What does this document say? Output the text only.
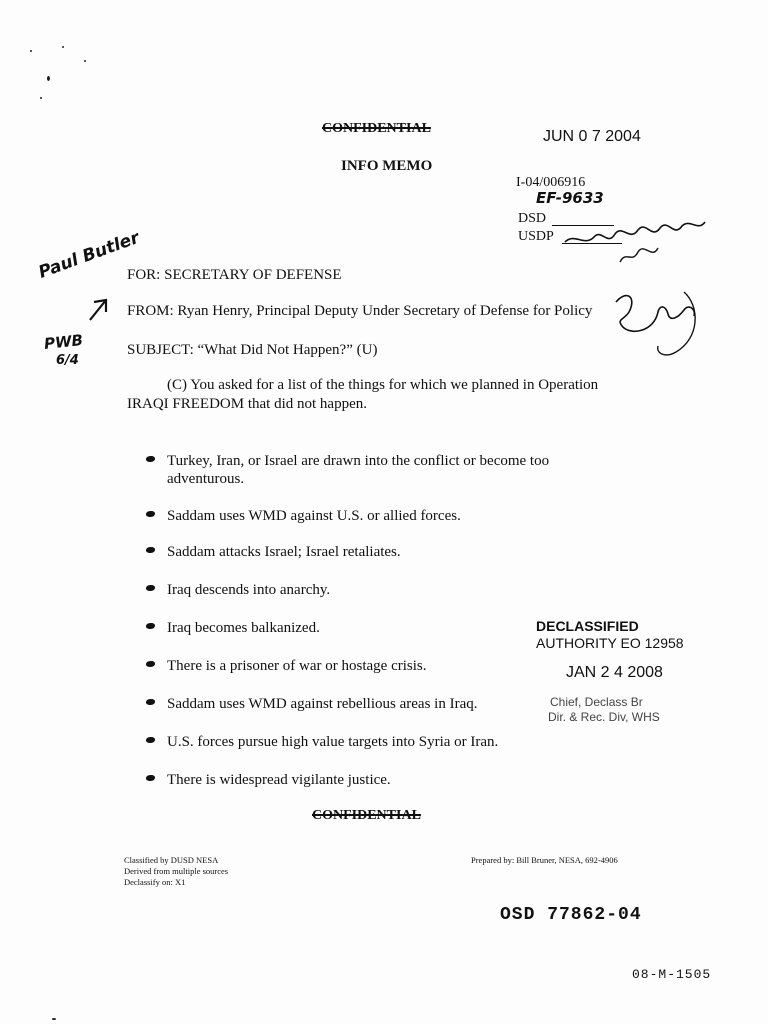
CONFIDENTIAL	JUN 0 7 2004
INFO MEMO
I-04/006916
EF-9633
DSD
USDP
Paul Butler
PWB
6/4
FOR: SECRETARY OF DEFENSE
FROM: Ryan Henry, Principal Deputy Under Secretary of Defense for Policy
SUBJECT: “What Did Not Happen?” (U)
(C) You asked for a list of the things for which we planned in Operation
IRAQI FREEDOM that did not happen.
Turkey, Iran, or Israel are drawn into the conflict or become too
adventurous.
Saddam uses WMD against U.S. or allied forces.
Saddam attacks Israel; Israel retaliates.
Iraq descends into anarchy.
Iraq becomes balkanized.
There is a prisoner of war or hostage crisis.
Saddam uses WMD against rebellious areas in Iraq.
U.S. forces pursue high value targets into Syria or Iran.
There is widespread vigilante justice.
DECLASSIFIED
AUTHORITY EO 12958
JAN 2 4 2008
Chief, Declass Br
Dir. & Rec. Div, WHS
CONFIDENTIAL
Classified by DUSD NESA
Derived from multiple sources
Declassify on: X1
Prepared by: Bill Bruner, NESA, 692-4906
OSD 77862-04
08-M-1505
